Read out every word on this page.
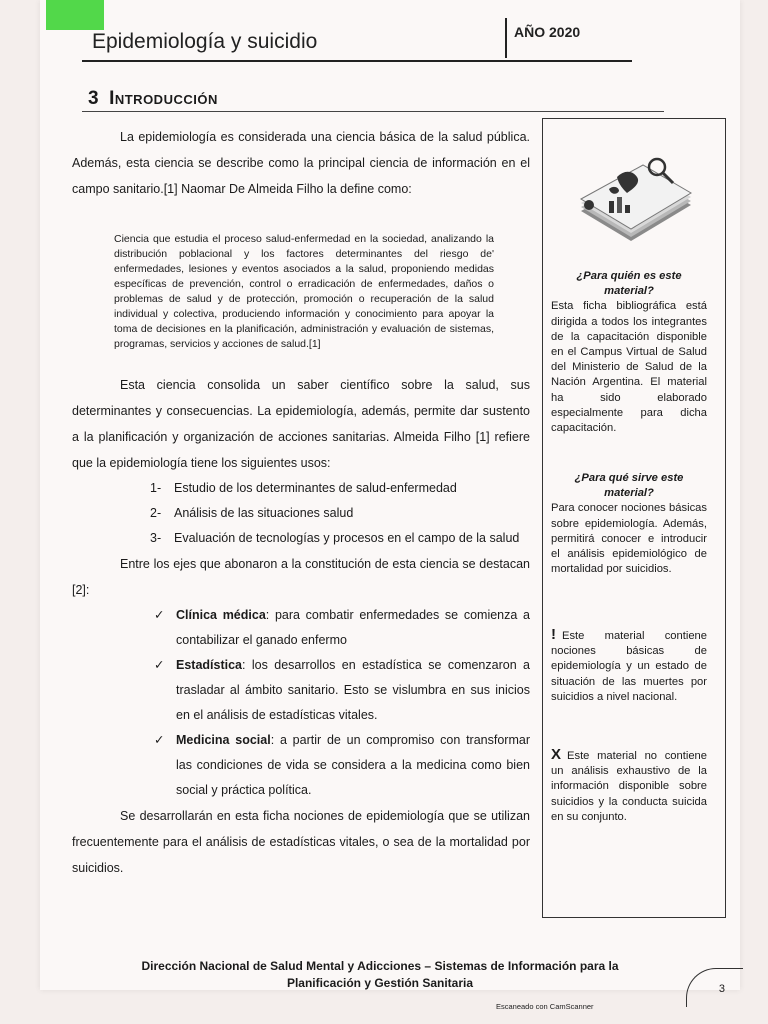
Epidemiología y suicidio	AÑO 2020
3 Introducción

La epidemiología es considerada una ciencia básica de la salud pública. Además, esta ciencia se describe como la principal ciencia de información en el campo sanitario.[1] Naomar De Almeida Filho la define como:

Ciencia que estudia el proceso salud-enfermedad en la sociedad, analizando la distribución poblacional y los factores determinantes del riesgo de' enfermedades, lesiones y eventos asociados a la salud, proponiendo medidas específicas de prevención, control o erradicación de enfermedades, daños o problemas de salud y de protección, promoción o recuperación de la salud individual y colectiva, produciendo información y conocimiento para apoyar la toma de decisiones en la planificación, administración y evaluación de sistemas, programas, servicios y acciones de salud.[1]

Esta ciencia consolida un saber científico sobre la salud, sus determinantes y consecuencias. La epidemiología, además, permite dar sustento a la planificación y organización de acciones sanitarias. Almeida Filho [1] refiere que la epidemiología tiene los siguientes usos:

1- Estudio de los determinantes de salud-enfermedad
2- Análisis de las situaciones salud
3- Evaluación de tecnologías y procesos en el campo de la salud

Entre los ejes que abonaron a la constitución de esta ciencia se destacan [2]:

✓ Clínica médica: para combatir enfermedades se comienza a contabilizar el ganado enfermo
✓ Estadística: los desarrollos en estadística se comenzaron a trasladar al ámbito sanitario. Esto se vislumbra en sus inicios en el análisis de estadísticas vitales.
✓ Medicina social: a partir de un compromiso con transformar las condiciones de vida se considera a la medicina como bien social y práctica política.

Se desarrollarán en esta ficha nociones de epidemiología que se utilizan frecuentemente para el análisis de estadísticas vitales, o sea de la mortalidad por suicidios.

¿Para quién es este material?
Esta ficha bibliográfica está dirigida a todos los integrantes de la capacitación disponible en el Campus Virtual de Salud del Ministerio de Salud de la Nación Argentina. El material ha sido elaborado especialmente para dicha capacitación.
¿Para qué sirve este material?
Para conocer nociones básicas sobre epidemiología. Además, permitirá conocer e introducir el análisis epidemiológico de mortalidad por suicidios.
! Este material contiene nociones básicas de epidemiología y un estado de situación de las muertes por suicidios a nivel nacional.
X Este material no contiene un análisis exhaustivo de la información disponible sobre suicidios y la conducta suicida en su conjunto.
Dirección Nacional de Salud Mental y Adicciones – Sistemas de Información para la
Planificación y Gestión Sanitaria	3
Escaneado con CamScanner
